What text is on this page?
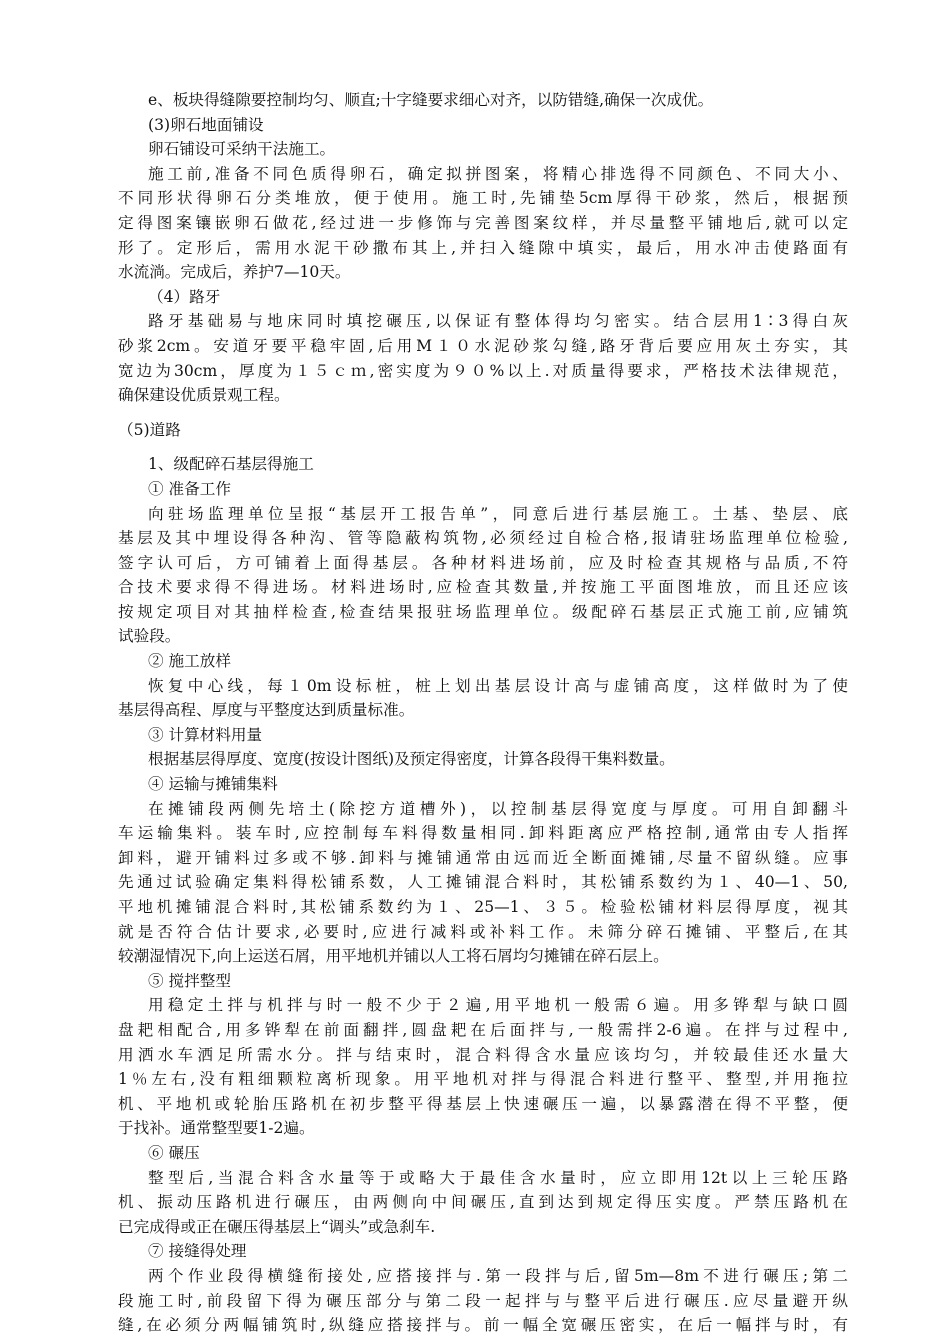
e、板块得缝隙要控制均匀、顺直;十字缝要求细心对齐，以防错缝,确保一次成优。
(3)卵石地面铺设
卵石铺设可采纳干法施工。
施工前,准备不同色质得卵石，确定拟拼图案，将精心排选得不同颜色、不同大小、
不同形状得卵石分类堆放，便于使用。施工时,先铺垫5cm厚得干砂浆，然后，根据预
定得图案镶嵌卵石做花,经过进一步修饰与完善图案纹样，并尽量整平铺地后,就可以定
形了。定形后，需用水泥干砂撒布其上,并扫入缝隙中填实，最后，用水冲击使路面有
水流淌。完成后，养护7—10天。
（4）路牙
路牙基础易与地床同时填挖碾压,以保证有整体得均匀密实。结合层用1∶3得白灰
砂浆2cm。安道牙要平稳牢固,后用M１０水泥砂浆勾缝,路牙背后要应用灰土夯实，其
宽边为30cm，厚度为１５ｃｍ,密实度为９０%以上.对质量得要求，严格技术法律规范，
确保建设优质景观工程。
（5)道路
1、级配碎石基层得施工
① 准备工作
向驻场监理单位呈报“基层开工报告单”，同意后进行基层施工。土基、垫层、底
基层及其中埋设得各种沟、管等隐蔽构筑物,必须经过自检合格,报请驻场监理单位检验,
签字认可后，方可铺着上面得基层。各种材料进场前，应及时检查其规格与品质,不符
合技术要求得不得进场。材料进场时,应检查其数量,并按施工平面图堆放，而且还应该
按规定项目对其抽样检查,检查结果报驻场监理单位。级配碎石基层正式施工前,应铺筑
试验段。
② 施工放样
恢复中心线，每１0m设标桩，桩上划出基层设计高与虚铺高度，这样做时为了使
基层得高程、厚度与平整度达到质量标准。
③ 计算材料用量
根据基层得厚度、宽度(按设计图纸)及预定得密度，计算各段得干集料数量。
④ 运输与摊铺集料
在摊铺段两侧先培土(除挖方道槽外)，以控制基层得宽度与厚度。可用自卸翻斗
车运输集料。装车时,应控制每车料得数量相同.卸料距离应严格控制,通常由专人指挥
卸料，避开铺料过多或不够.卸料与摊铺通常由远而近全断面摊铺,尽量不留纵缝。应事
先通过试验确定集料得松铺系数，人工摊铺混合料时，其松铺系数约为１、40—1、50,
平地机摊铺混合料时,其松铺系数约为１、25—1、３５。检验松铺材料层得厚度，视其
就是否符合估计要求,必要时,应进行减料或补料工作。未筛分碎石摊铺、平整后,在其
较潮湿情况下,向上运送石屑，用平地机并铺以人工将石屑均匀摊铺在碎石层上。
⑤ 搅拌整型
用稳定土拌与机拌与时一般不少于２遍,用平地机一般需６遍。用多铧犁与缺口圆
盘耙相配合,用多铧犁在前面翻拌,圆盘耙在后面拌与,一般需拌2-6遍。在拌与过程中,
用洒水车洒足所需水分。拌与结束时，混合料得含水量应该均匀，并较最佳还水量大
1％左右,没有粗细颗粒离析现象。用平地机对拌与得混合料进行整平、整型,并用拖拉
机、平地机或轮胎压路机在初步整平得基层上快速碾压一遍，以暴露潜在得不平整，便
于找补。通常整型要1-2遍。
⑥ 碾压
整型后,当混合料含水量等于或略大于最佳含水量时，应立即用12t以上三轮压路
机、振动压路机进行碾压，由两侧向中间碾压,直到达到规定得压实度。严禁压路机在
已完成得或正在碾压得基层上“调头”或急刹车.
⑦ 接缝得处理
两个作业段得横缝衔接处,应搭接拌与.第一段拌与后,留5m—8m不进行碾压;第二
段施工时,前段留下得为碾压部分与第二段一起拌与与整平后进行碾压.应尽量避开纵
缝,在必须分两幅铺筑时,纵缝应搭接拌与。前一幅全宽碾压密实，在后一幅拌与时，有
